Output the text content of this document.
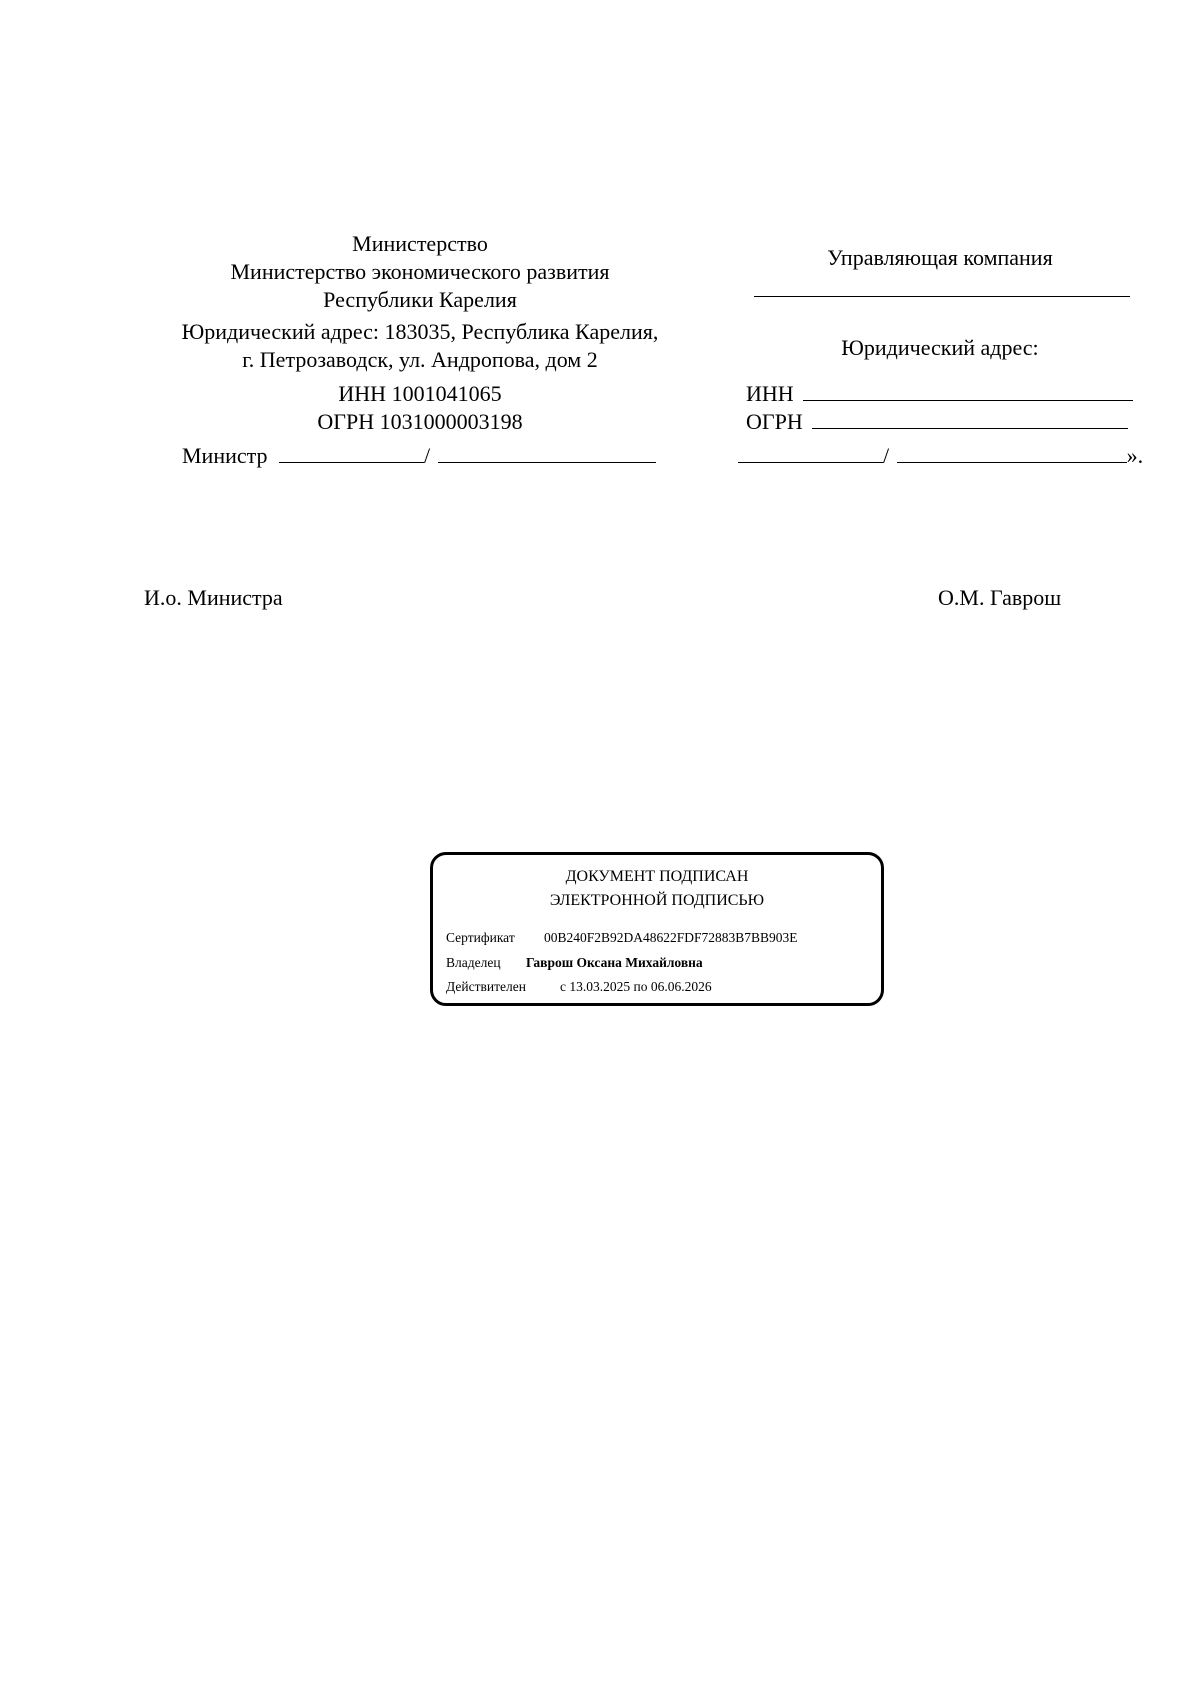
Министерство
Министерство экономического развития
Республики Карелия
Юридический адрес: 183035, Республика Карелия,
г. Петрозаводск, ул. Андропова, дом 2
ИНН 1001041065
ОГРН 1031000003198
Министр	/
Управляющая компания
Юридический адрес:
ИНН
ОГРН
/	».
И.о. Министра	О.М. Гаврош
ДОКУМЕНТ ПОДПИСАН
ЭЛЕКТРОННОЙ ПОДПИСЬЮ
Сертификат 00B240F2B92DA48622FDF72883B7BB903E
Владелец Гаврош Оксана Михайловна
Действителен	с 13.03.2025 по 06.06.2026
